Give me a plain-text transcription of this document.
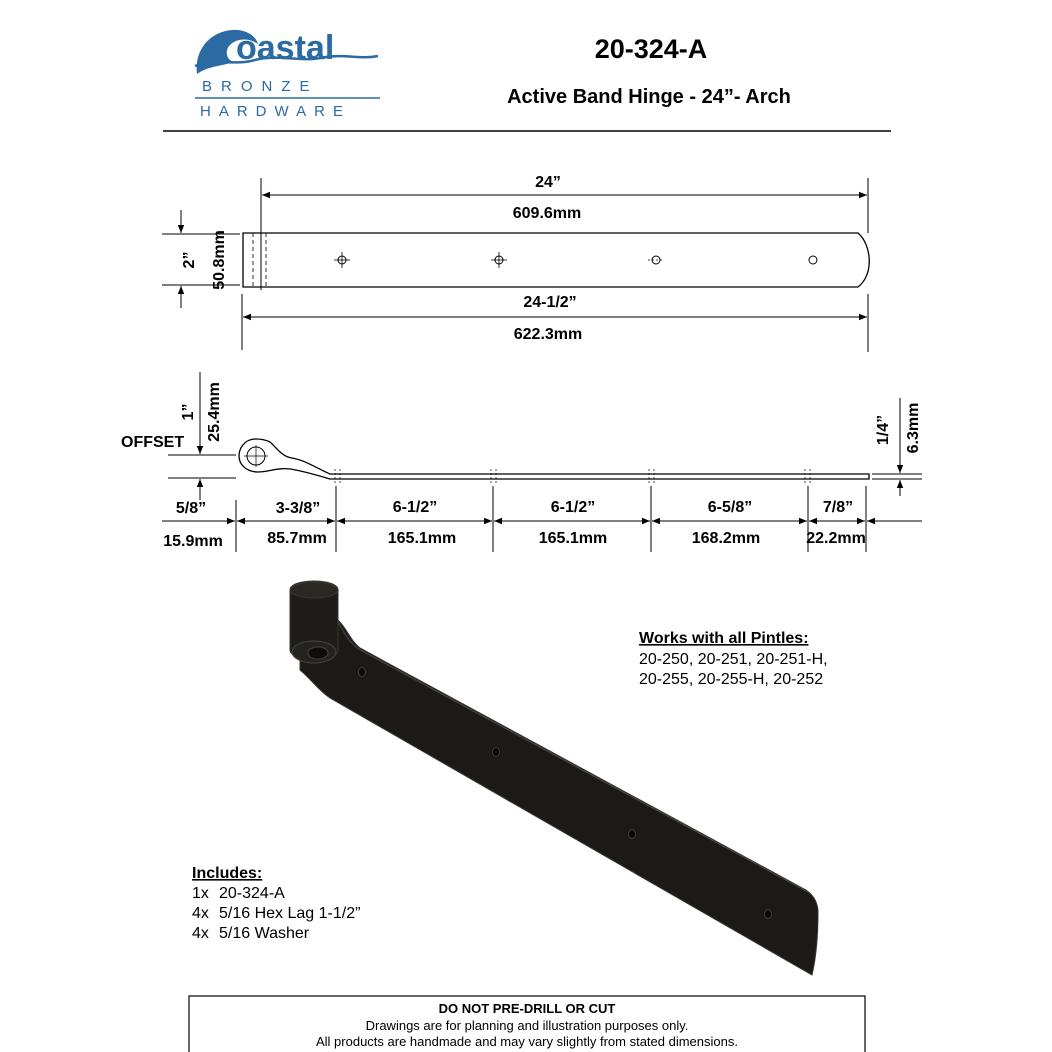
oastal
BRONZE
HARDWARE
20-324-A
Active Band Hinge - 24”- Arch
24”
609.6mm
2” 50.8mm
24-1/2”
622.3mm
1” 25.4mm
OFFSET	1/4” 6.3mm
5/8”
15.9mm
3-3/8”
85.7mm
6-1/2”
165.1mm
6-1/2”
165.1mm
6-5/8”
168.2mm
7/8”
22.2mm
Works with all Pintles:
20-250, 20-251, 20-251-H,
20-255, 20-255-H, 20-252
Includes:
1x 20-324-A
4x 5/16 Hex Lag 1-1/2”
4x 5/16 Washer
DO NOT PRE-DRILL OR CUT
Drawings are for planning and illustration purposes only.
All products are handmade and may vary slightly from stated dimensions.
